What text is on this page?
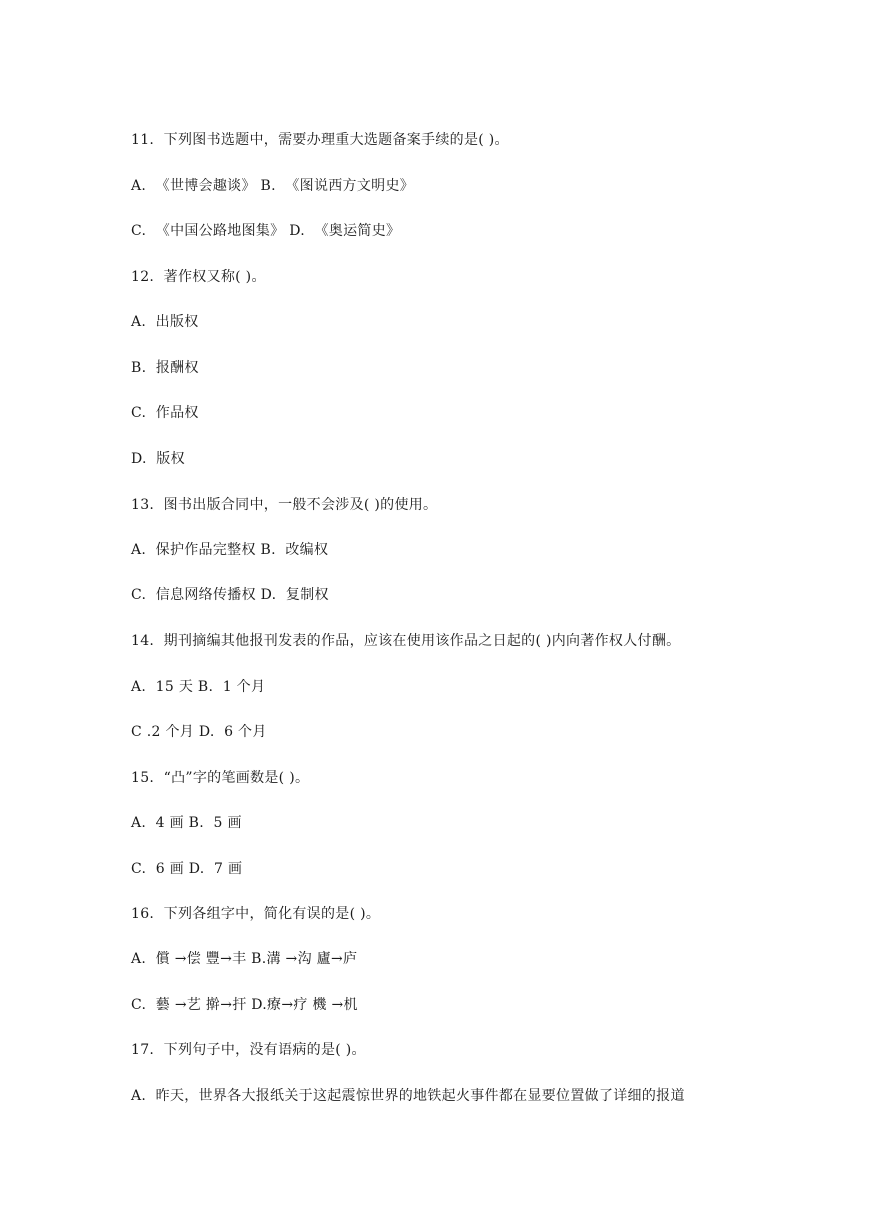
11.  下列图书选题中，需要办理重大选题备案手续的是( )。
A.  《世博会趣谈》 B.  《图说西方文明史》
C.  《中国公路地图集》 D.  《奥运简史》
12.  著作权又称( )。
A.  出版权
B.  报酬权
C.  作品权
D.  版权
13.  图书出版合同中，一般不会涉及( )的使用。
A.  保护作品完整权 B.  改编权
C.  信息网络传播权 D.  复制权
14.  期刊摘编其他报刊发表的作品，应该在使用该作品之日起的( )内向著作权人付酬。
A.  15 天 B.  1 个月
C .2 个月 D.  6 个月
15.  “凸”字的笔画数是( )。
A.  4 画 B.  5 画
C.  6 画 D.  7 画
16.  下列各组字中，简化有误的是( )。
A.  償 →偿 豐→丰 B.溝 →沟 廬→庐
C.  藝 →艺 擀→扞 D.療→疗 機 →机
17.  下列句子中，没有语病的是( )。
A.  昨天，世界各大报纸关于这起震惊世界的地铁起火事件都在显要位置做了详细的报道
